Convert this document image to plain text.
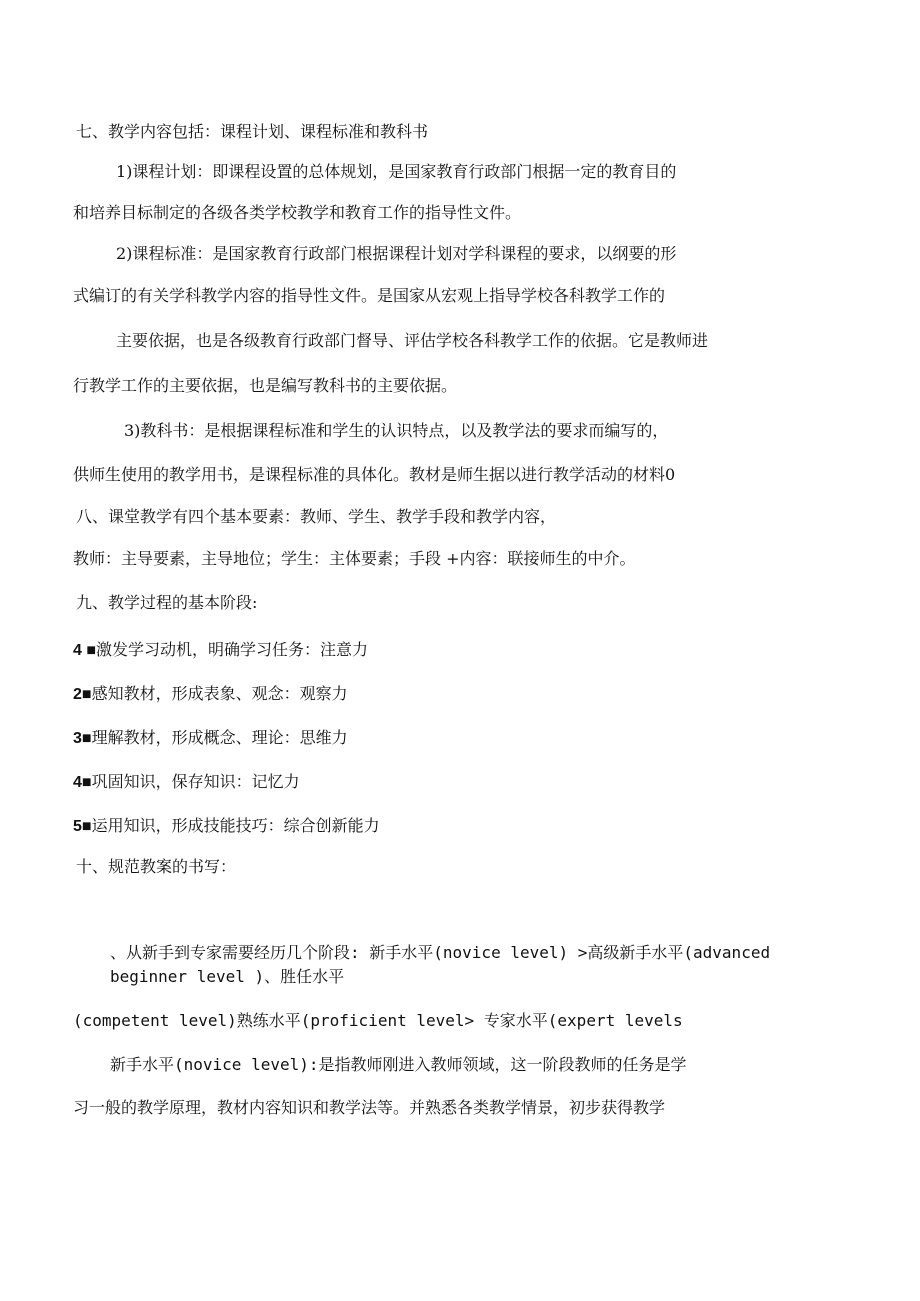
七、教学内容包括：课程计划、课程标准和教科书

1)课程计划：即课程设置的总体规划，是国家教育行政部门根据一定的教育目的

和培养目标制定的各级各类学校教学和教育工作的指导性文件。

2)课程标准：是国家教育行政部门根据课程计划对学科课程的要求，以纲要的形

式编订的有关学科教学内容的指导性文件。是国家从宏观上指导学校各科教学工作的

主要依据，也是各级教育行政部门督导、评估学校各科教学工作的依据。它是教师进

行教学工作的主要依据，也是编写教科书的主要依据。

3)教科书：是根据课程标准和学生的认识特点，以及教学法的要求而编写的，

供师生使用的教学用书，是课程标准的具体化。教材是师生据以进行教学活动的材料0

八、课堂教学有四个基本要素：教师、学生、教学手段和教学内容，

教师：主导要素，主导地位；学生：主体要素；手段 +内容：联接师生的中介。

九、教学过程的基本阶段:

4 ■激发学习动机，明确学习任务：注意力

2■感知教材，形成表象、观念：观察力

3■理解教材，形成概念、理论：思维力

4■巩固知识，保存知识：记忆力

5■运用知识，形成技能技巧：综合创新能力

十、规范教案的书写：

、从新手到专家需要经历几个阶段: 新手水平(novice level) >高级新手水平(advanced

beginner level )、胜任水平

(competent level)熟练水平(proficient level> 专家水平(expert levels

新手水平(novice level):是指教师刚进入教师领域，这一阶段教师的任务是学

习一般的教学原理，教材内容知识和教学法等。并熟悉各类教学情景，初步获得教学
